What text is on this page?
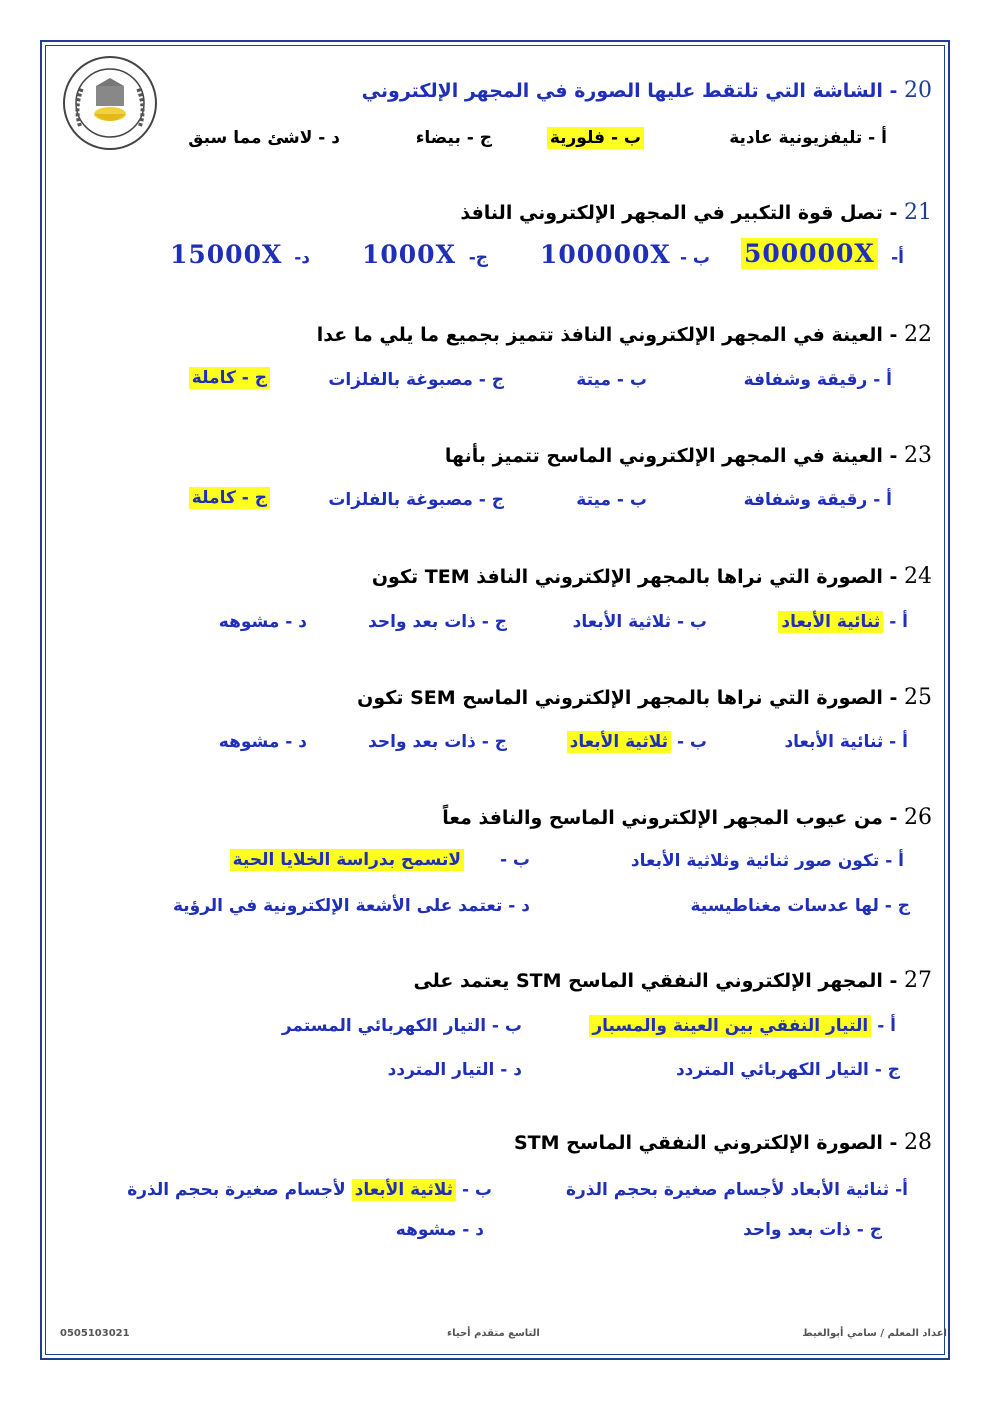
20 - الشاشة التي تلتقط عليها الصورة في المجهر الإلكتروني
أ - تليفزيونية عادية
ب - فلورية
ج - بيضاء
د - لاشئ مما سبق
21 - تصل قوة التكبير في المجهر الإلكتروني النافذ
أ-
500000X
ب -
100000X
ج-
1000X
د-
15000X
22 - العينة في المجهر الإلكتروني النافذ تتميز بجميع ما يلي ما عدا
أ - رقيقة وشفافة
ب - ميتة
ج - مصبوغة بالفلزات
ج - كاملة
23 - العينة في المجهر الإلكتروني الماسح تتميز بأنها
أ - رقيقة وشفافة
ب - ميتة
ج - مصبوغة بالفلزات
ج - كاملة
24 - الصورة التي نراها بالمجهر الإلكتروني النافذ TEM تكون
أ - ثنائية الأبعاد
ب - ثلاثية الأبعاد
ج - ذات بعد واحد
د - مشوهه
25 - الصورة التي نراها بالمجهر الإلكتروني الماسح SEM تكون
أ - ثنائية الأبعاد
ب - ثلاثية الأبعاد
ج - ذات بعد واحد
د - مشوهه
26 - من عيوب المجهر الإلكتروني الماسح والنافذ معاً
أ - تكون صور ثنائية وثلاثية الأبعاد
ب - لاتسمح بدراسة الخلايا الحية
ج - لها عدسات مغناطيسية
د - تعتمد على الأشعة الإلكترونية في الرؤية
27 - المجهر الإلكتروني النفقي الماسح STM يعتمد على
أ - التيار النفقي بين العينة والمسبار
ب - التيار الكهربائي المستمر
ج - التيار الكهربائي المتردد
د - التيار المتردد
28 - الصورة الإلكتروني النفقي الماسح STM
أ- ثنائية الأبعاد لأجسام صغيرة بحجم الذرة
ب - ثلاثية الأبعاد لأجسام صغيرة بحجم الذرة
ج - ذات بعد واحد
د - مشوهه
اعداد المعلم / سامي أبوالغيط
التاسع متقدم أحياء
0505103021
